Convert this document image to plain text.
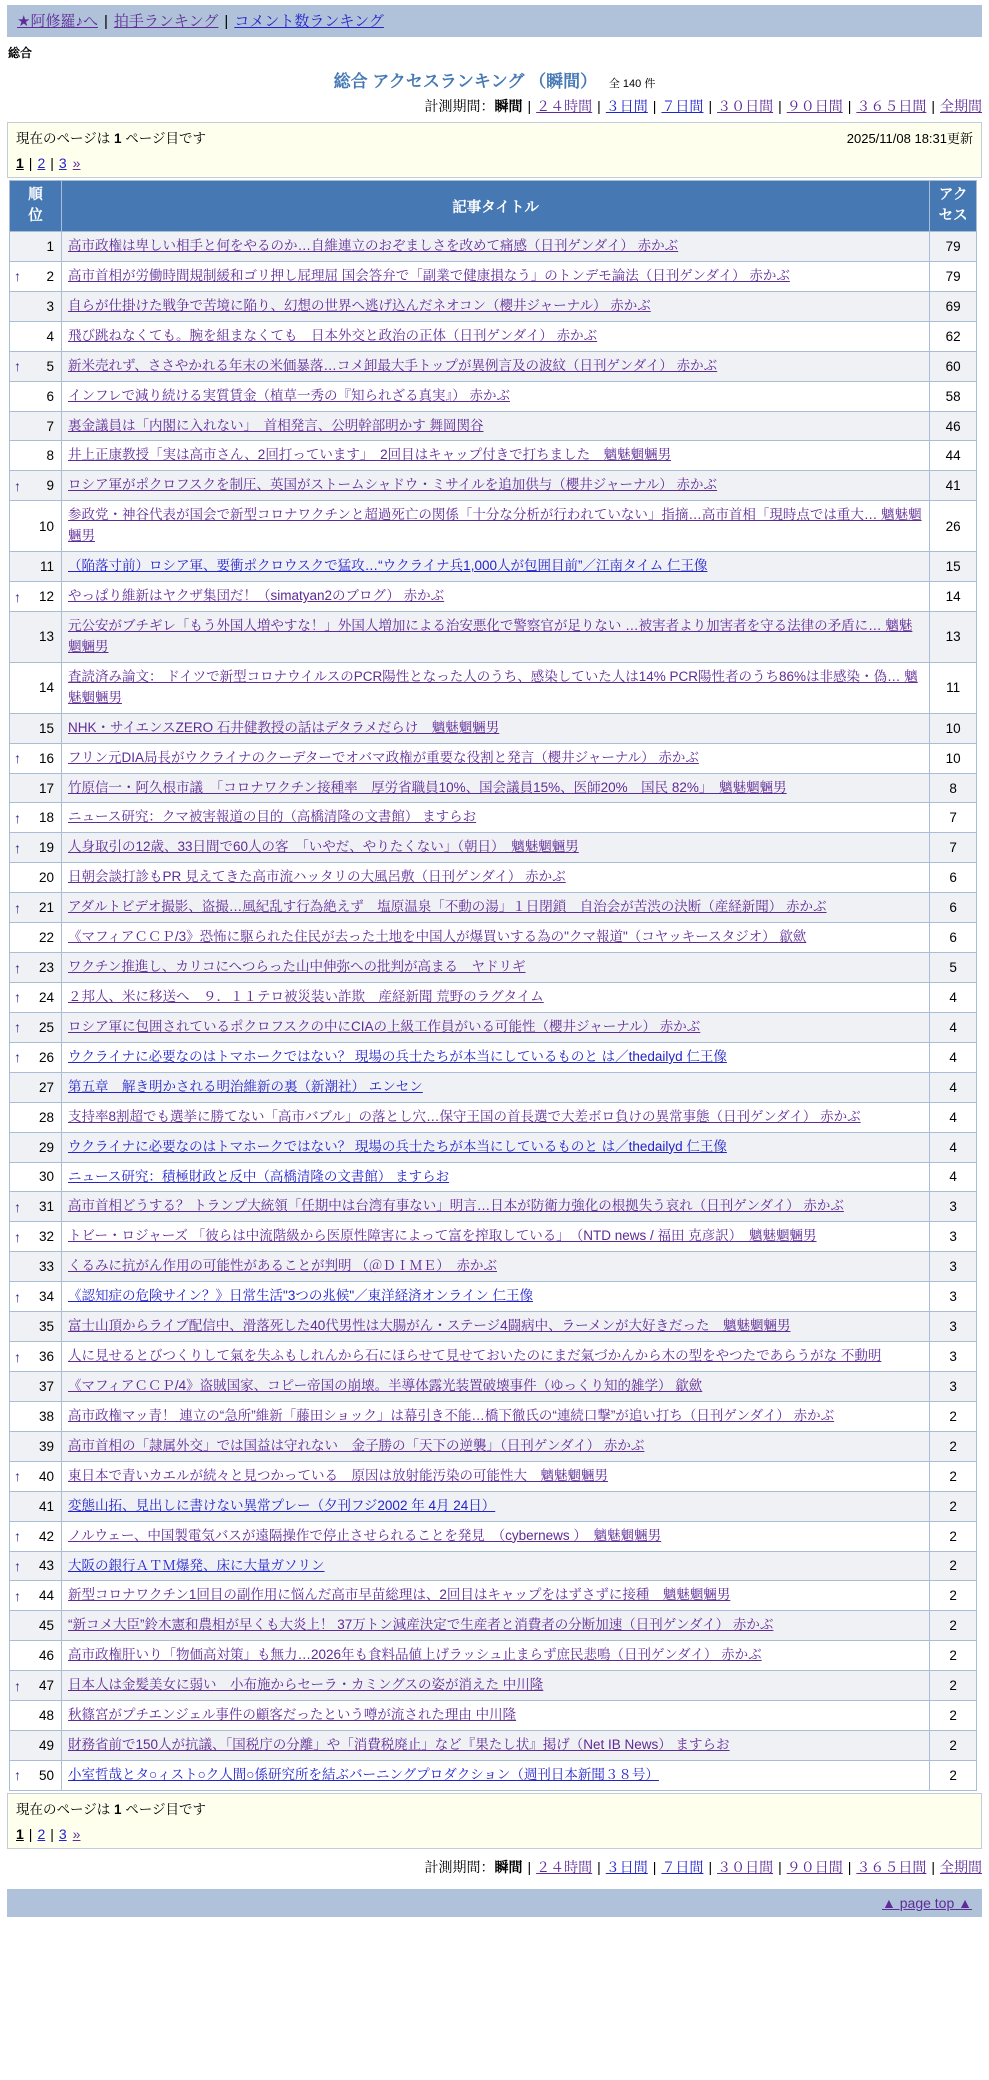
★阿修羅♪へ | 拍手ランキング | コメント数ランキング
総合
総合 アクセスランキング （瞬間） 全 140 件
計測期間：瞬間 | ２４時間 | ３日間 | ７日間 | ３０日間 | ９０日間 | ３６５日間 | 全期間
現在のページは 1 ページ目です	2025/11/08 18:31更新
1 | 2 | 3 »
順位	記事タイトル	アクセス
1	高市政権は卑しい相手と何をやるのか…自維連立のおぞましさを改めて痛感（日刊ゲンダイ） 赤かぶ	79

↑ 2	高市首相が労働時間規制緩和ゴリ押し屁理屈 国会答弁で「副業で健康損なう」のトンデモ論法（日刊ゲンダイ） 赤かぶ	79
3	自らが仕掛けた戦争で苦境に陥り、幻想の世界へ逃げ込んだネオコン（櫻井ジャーナル） 赤かぶ	69
4	飛び跳ねなくても。腕を組まなくても　日本外交と政治の正体（日刊ゲンダイ） 赤かぶ	62

↑ 5	新米売れず、ささやかれる年末の米価暴落…コメ卸最大手トップが異例言及の波紋（日刊ゲンダイ） 赤かぶ	60
6	インフレで減り続ける実質賃金（植草一秀の『知られざる真実』） 赤かぶ	58
7	裏金議員は「内閣に入れない」　首相発言、公明幹部明かす 舞岡関谷	46
8	井上正康教授「実は高市さん、2回打っています」　2回目はキャップ付きで打ちました　魑魅魍魎男	44

↑ 9	ロシア軍がポクロフスクを制圧、英国がストームシャドウ・ミサイルを追加供与（櫻井ジャーナル） 赤かぶ	41
10	参政党・神谷代表が国会で新型コロナワクチンと超過死亡の関係「十分な分析が行われていない」指摘…高市首相「現時点では重大… 魑魅魍魎男	26
11	（陥落寸前）ロシア軍、要衝ポクロウスクで猛攻…“ウクライナ兵1,000人が包囲目前”／江南タイム 仁王像	15

↑ 12	やっぱり維新はヤクザ集団だ！（simatyan2のブログ） 赤かぶ	14
13	元公安がブチギレ「もう外国人増やすな！」外国人増加による治安悪化で警察官が足りない …被害者より加害者を守る法律の矛盾に… 魑魅魍魎男	13
14	査読済み論文： ドイツで新型コロナウイルスのPCR陽性となった人のうち、感染していた人は14% PCR陽性者のうち86%は非感染・偽… 魑魅魍魎男	11
15	NHK・サイエンスZERO 石井健教授の話はデタラメだらけ　魑魅魍魎男	10

↑ 16	フリン元DIA局長がウクライナのクーデターでオバマ政権が重要な役割と発言（櫻井ジャーナル） 赤かぶ	10
17	竹原信一・阿久根市議　「コロナワクチン接種率　厚労省職員10%、国会議員15%、医師20%　国民 82%」　魑魅魍魎男	8

↑ 18	ニュース研究：クマ被害報道の目的（高橋清隆の文書館） ますらお	7

↑ 19	人身取引の12歳、33日間で60人の客　「いやだ、やりたくない」（朝日）　魑魅魍魎男	7
20	日朝会談打診もPR 見えてきた高市流ハッタリの大風呂敷（日刊ゲンダイ） 赤かぶ	6

↑ 21	アダルトビデオ撮影、盗撮…風紀乱す行為絶えず　塩原温泉「不動の湯」１日閉鎖　自治会が苦渋の決断（産経新聞） 赤かぶ	6
22	《マフィアＣＣＰ/3》恐怖に駆られた住民が去った土地を中国人が爆買いする為の"クマ報道"（コヤッキースタジオ） 歙歛	6

↑ 23	ワクチン推進し、カリコにへつらった山中伸弥への批判が高まる　ヤドリギ	5

↑ 24	２邦人、米に移送へ　９．１１テロ被災装い詐欺　産経新聞 荒野のラグタイム	4

↑ 25	ロシア軍に包囲されているポクロフスクの中にCIAの上級工作員がいる可能性（櫻井ジャーナル） 赤かぶ	4

↑ 26	ウクライナに必要なのはトマホークではない？ 現場の兵士たちが本当にしているものと は／thedailyd 仁王像	4
27	第五章　解き明かされる明治維新の裏（新潮社） エンセン	4
28	支持率8割超でも選挙に勝てない「高市バブル」の落とし穴…保守王国の首長選で大差ボロ負けの異常事態（日刊ゲンダイ） 赤かぶ	4
29	ウクライナに必要なのはトマホークではない？ 現場の兵士たちが本当にしているものと は／thedailyd 仁王像	4
30	ニュース研究：積極財政と反中（高橋清隆の文書館） ますらお	4

↑ 31	高市首相どうする？ トランプ大統領「任期中は台湾有事ない」明言…日本が防衛力強化の根拠失う哀れ（日刊ゲンダイ） 赤かぶ	3

↑ 32	トビー・ロジャーズ 「彼らは中流階級から医原性障害によって富を搾取している」　（NTD news / 福田 克彦訳）　魑魅魍魎男	3
33	くるみに抗がん作用の可能性があることが判明 （＠ＤＩＭＥ）　赤かぶ	3

↑ 34	《認知症の危険サイン？》日常生活"3つの兆候"／東洋経済オンライン 仁王像	3
35	富士山頂からライブ配信中、滑落死した40代男性は大腸がん・ステージ4闘病中、ラーメンが大好きだった　魑魅魍魎男	3

↑ 36	人に見せるとびつくりして氣を失ふもしれんから石にほらせて見せておいたのにまだ氣づかんから木の型をやつたであらうがな 不動明	3
37	《マフィアＣＣＰ/4》盗賊国家、コピー帝国の崩壊。半導体露光装置破壊事件（ゆっくり知的雑学） 歙歛	3
38	高市政権マッ青！ 連立の“急所”維新「藤田ショック」は幕引き不能…橋下徹氏の“連続口撃”が追い打ち（日刊ゲンダイ） 赤かぶ	2
39	高市首相の「隷属外交」では国益は守れない　金子勝の「天下の逆襲」（日刊ゲンダイ） 赤かぶ	2

↑ 40	東日本で青いカエルが続々と見つかっている　原因は放射能汚染の可能性大　魑魅魍魎男	2
41	変態山拓、見出しに書けない異常プレー（夕刊フジ2002 年 4月 24日）	2

↑ 42	ノルウェー、中国製電気バスが遠隔操作で停止させられることを発見　（cybernews ）　魑魅魍魎男	2

↑ 43	大阪の銀行ＡＴＭ爆発、床に大量ガソリン	2

↑ 44	新型コロナワクチン1回目の副作用に悩んだ高市早苗総理は、2回目はキャップをはずさずに接種　魑魅魍魎男	2
45	“新コメ大臣”鈴木憲和農相が早くも大炎上！ 37万トン減産決定で生産者と消費者の分断加速（日刊ゲンダイ） 赤かぶ	2
46	高市政権肝いり「物価高対策」も無力…2026年も食料品値上げラッシュ止まらず庶民悲鳴（日刊ゲンダイ） 赤かぶ	2

↑ 47	日本人は金髪美女に弱い＿小布施からセーラ・カミングスの姿が消えた 中川隆	2
48	秋篠宮がプチエンジェル事件の顧客だったという噂が流された理由 中川隆	2
49	財務省前で150人が抗議、「国税庁の分離」や「消費税廃止」など『果たし状』掲げ（Net IB News） ますらお	2

↑ 50	小室哲哉とタ○ィスト○ク人間○係研究所を結ぶバーニングプロダクション（週刊日本新聞３８号）	2
現在のページは 1 ページ目です
1 | 2 | 3 »
計測期間：瞬間 | ２４時間 | ３日間 | ７日間 | ３０日間 | ９０日間 | ３６５日間 | 全期間
▲ page top ▲
